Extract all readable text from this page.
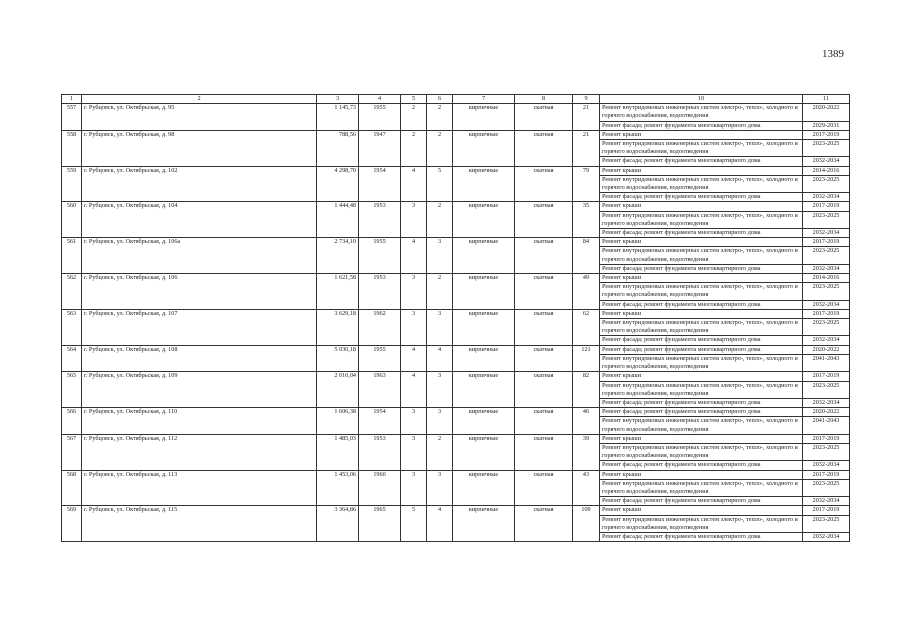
1389
1	2	3	4	5	6	7	8	9	10	11
557	г. Рубцовск, ул. Октябрьская, д. 95	1 145,73	1955	2	2	кирпичные	скатная	21	Ремонт внутридомовых инженерных систем электро-, тепло-, холодного и горячего водоснабжения, водоотведения	2020-2022
									Ремонт фасада; ремонт фундамента многоквартирного дома	2029-2031
558	г. Рубцовск, ул. Октябрьская, д. 98	788,56	1947	2	2	кирпичные	скатная	21	Ремонт крыши	2017-2019
									Ремонт внутридомовых инженерных систем электро-, тепло-, холодного и горячего водоснабжения, водоотведения	2023-2025
									Ремонт фасада; ремонт фундамента многоквартирного дома	2032-2034
559	г. Рубцовск, ул. Октябрьская, д. 102	4 298,70	1954	4	5	кирпичные	скатная	79	Ремонт крыши	2014-2016
									Ремонт внутридомовых инженерных систем электро-, тепло-, холодного и горячего водоснабжения, водоотведения	2023-2025
									Ремонт фасада; ремонт фундамента многоквартирного дома	2032-2034
560	г. Рубцовск, ул. Октябрьская, д. 104	1 444,48	1953	3	2	кирпичные	скатная	35	Ремонт крыши	2017-2019
									Ремонт внутридомовых инженерных систем электро-, тепло-, холодного и горячего водоснабжения, водоотведения	2023-2025
									Ремонт фасада; ремонт фундамента многоквартирного дома	2032-2034
561	г. Рубцовск, ул. Октябрьская, д. 106а	2 734,10	1955	4	3	кирпичные	скатная	84	Ремонт крыши	2017-2019
									Ремонт внутридомовых инженерных систем электро-, тепло-, холодного и горячего водоснабжения, водоотведения	2023-2025
									Ремонт фасада; ремонт фундамента многоквартирного дома	2032-2034
562	г. Рубцовск, ул. Октябрьская, д. 106	1 621,58	1953	3	2	кирпичные	скатная	49	Ремонт крыши	2014-2016
									Ремонт внутридомовых инженерных систем электро-, тепло-, холодного и горячего водоснабжения, водоотведения	2023-2025
									Ремонт фасада; ремонт фундамента многоквартирного дома	2032-2034
563	г. Рубцовск, ул. Октябрьская, д. 107	3 629,18	1962	3	3	кирпичные	скатная	62	Ремонт крыши	2017-2019
									Ремонт внутридомовых инженерных систем электро-, тепло-, холодного и горячего водоснабжения, водоотведения	2023-2025
									Ремонт фасада; ремонт фундамента многоквартирного дома	2032-2034
564	г. Рубцовск, ул. Октябрьская, д. 108	5 030,18	1955	4	4	кирпичные	скатная	121	Ремонт фасада; ремонт фундамента многоквартирного дома	2020-2022
									Ремонт внутридомовых инженерных систем электро-, тепло-, холодного и горячего водоснабжения, водоотведения	2041-2043
565	г. Рубцовск, ул. Октябрьская, д. 109	2 010,04	1963	4	3	кирпичные	скатная	82	Ремонт крыши	2017-2019
									Ремонт внутридомовых инженерных систем электро-, тепло-, холодного и горячего водоснабжения, водоотведения	2023-2025
									Ремонт фасада; ремонт фундамента многоквартирного дома	2032-2034
566	г. Рубцовск, ул. Октябрьская, д. 110	1 606,38	1954	3	3	кирпичные	скатная	46	Ремонт фасада; ремонт фундамента многоквартирного дома	2020-2022
									Ремонт внутридомовых инженерных систем электро-, тепло-, холодного и горячего водоснабжения, водоотведения	2041-2043
567	г. Рубцовск, ул. Октябрьская, д. 112	1 485,03	1953	3	2	кирпичные	скатная	39	Ремонт крыши	2017-2019
									Ремонт внутридомовых инженерных систем электро-, тепло-, холодного и горячего водоснабжения, водоотведения	2023-2025
									Ремонт фасада; ремонт фундамента многоквартирного дома	2032-2034
568	г. Рубцовск, ул. Октябрьская, д. 113	1 453,06	1960	3	3	кирпичные	скатная	43	Ремонт крыши	2017-2019
									Ремонт внутридомовых инженерных систем электро-, тепло-, холодного и горячего водоснабжения, водоотведения	2023-2025
									Ремонт фасада; ремонт фундамента многоквартирного дома	2032-2034
569	г. Рубцовск, ул. Октябрьская, д. 115	3 364,86	1965	5	4	кирпичные	скатная	109	Ремонт крыши	2017-2019
									Ремонт внутридомовых инженерных систем электро-, тепло-, холодного и горячего водоснабжения, водоотведения	2023-2025
									Ремонт фасада; ремонт фундамента многоквартирного дома	2032-2034
